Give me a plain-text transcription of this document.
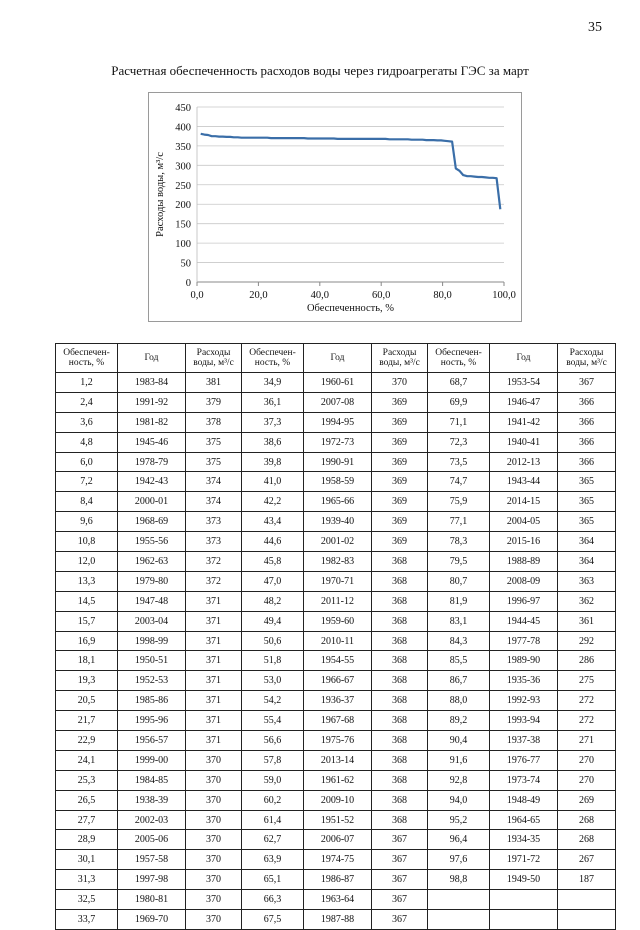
35
Расчетная обеспеченность расходов воды через гидроагрегаты ГЭС за март
0
50
100
150
200
250
300
350
400
450
0,0	20,0	40,0	60,0	80,0	100,0
Обеспеченность, %
Расходы воды, м³/с
Обеспечен-ность, %	Год	Расходы воды, м³/с	Обеспечен-ность, %	Год	Расходы воды, м³/с	Обеспечен-ность, %	Год	Расходы воды, м³/с
1,2	1983-84	381	34,9	1960-61	370	68,7	1953-54	367
2,4	1991-92	379	36,1	2007-08	369	69,9	1946-47	366
3,6	1981-82	378	37,3	1994-95	369	71,1	1941-42	366
4,8	1945-46	375	38,6	1972-73	369	72,3	1940-41	366
6,0	1978-79	375	39,8	1990-91	369	73,5	2012-13	366
7,2	1942-43	374	41,0	1958-59	369	74,7	1943-44	365
8,4	2000-01	374	42,2	1965-66	369	75,9	2014-15	365
9,6	1968-69	373	43,4	1939-40	369	77,1	2004-05	365
10,8	1955-56	373	44,6	2001-02	369	78,3	2015-16	364
12,0	1962-63	372	45,8	1982-83	368	79,5	1988-89	364
13,3	1979-80	372	47,0	1970-71	368	80,7	2008-09	363
14,5	1947-48	371	48,2	2011-12	368	81,9	1996-97	362
15,7	2003-04	371	49,4	1959-60	368	83,1	1944-45	361
16,9	1998-99	371	50,6	2010-11	368	84,3	1977-78	292
18,1	1950-51	371	51,8	1954-55	368	85,5	1989-90	286
19,3	1952-53	371	53,0	1966-67	368	86,7	1935-36	275
20,5	1985-86	371	54,2	1936-37	368	88,0	1992-93	272
21,7	1995-96	371	55,4	1967-68	368	89,2	1993-94	272
22,9	1956-57	371	56,6	1975-76	368	90,4	1937-38	271
24,1	1999-00	370	57,8	2013-14	368	91,6	1976-77	270
25,3	1984-85	370	59,0	1961-62	368	92,8	1973-74	270
26,5	1938-39	370	60,2	2009-10	368	94,0	1948-49	269
27,7	2002-03	370	61,4	1951-52	368	95,2	1964-65	268
28,9	2005-06	370	62,7	2006-07	367	96,4	1934-35	268
30,1	1957-58	370	63,9	1974-75	367	97,6	1971-72	267
31,3	1997-98	370	65,1	1986-87	367	98,8	1949-50	187
32,5	1980-81	370	66,3	1963-64	367			
33,7	1969-70	370	67,5	1987-88	367			
